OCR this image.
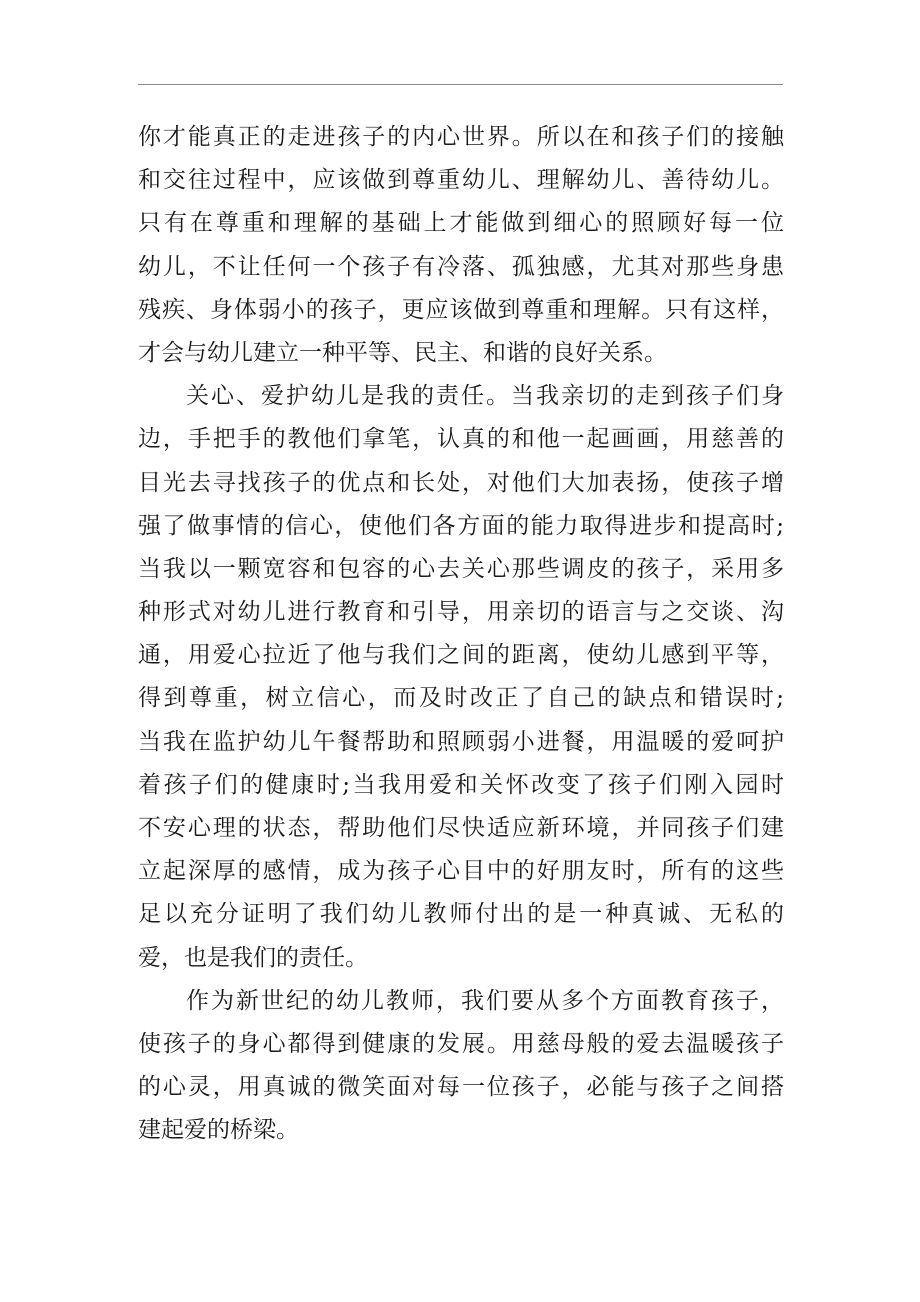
你才能真正的走进孩子的内心世界。所以在和孩子们的接触
和交往过程中，应该做到尊重幼儿、理解幼儿、善待幼儿。
只有在尊重和理解的基础上才能做到细心的照顾好每一位
幼儿，不让任何一个孩子有冷落、孤独感，尤其对那些身患
残疾、身体弱小的孩子，更应该做到尊重和理解。只有这样，
才会与幼儿建立一种平等、民主、和谐的良好关系。
关心、爱护幼儿是我的责任。当我亲切的走到孩子们身
边，手把手的教他们拿笔，认真的和他一起画画，用慈善的
目光去寻找孩子的优点和长处，对他们大加表扬，使孩子增
强了做事情的信心，使他们各方面的能力取得进步和提高时;
当我以一颗宽容和包容的心去关心那些调皮的孩子，采用多
种形式对幼儿进行教育和引导，用亲切的语言与之交谈、沟
通，用爱心拉近了他与我们之间的距离，使幼儿感到平等，
得到尊重，树立信心，而及时改正了自己的缺点和错误时;
当我在监护幼儿午餐帮助和照顾弱小进餐，用温暖的爱呵护
着孩子们的健康时;当我用爱和关怀改变了孩子们刚入园时
不安心理的状态，帮助他们尽快适应新环境，并同孩子们建
立起深厚的感情，成为孩子心目中的好朋友时，所有的这些
足以充分证明了我们幼儿教师付出的是一种真诚、无私的
爱，也是我们的责任。
作为新世纪的幼儿教师，我们要从多个方面教育孩子，
使孩子的身心都得到健康的发展。用慈母般的爱去温暖孩子
的心灵，用真诚的微笑面对每一位孩子，必能与孩子之间搭
建起爱的桥梁。
